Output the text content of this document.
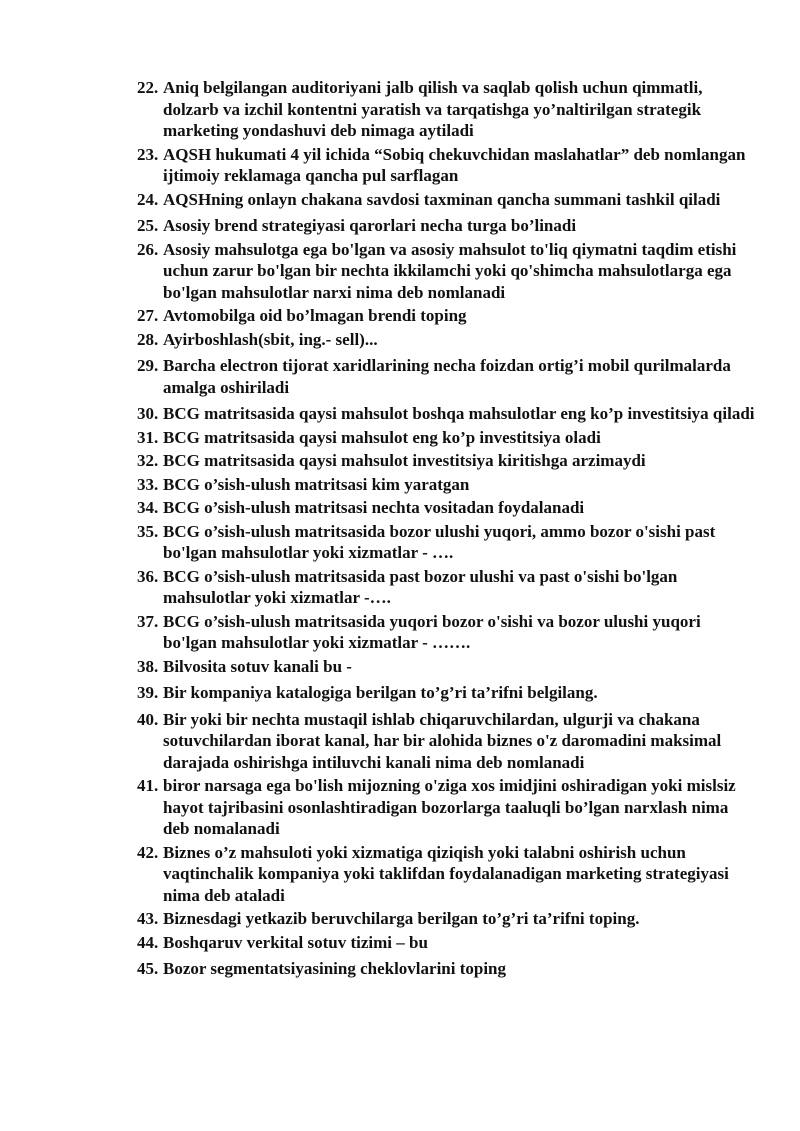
22. Aniq belgilangan auditoriyani jalb qilish va saqlab qolish uchun qimmatli, dolzarb va izchil kontentni yaratish va tarqatishga yo’naltirilgan strategik marketing yondashuvi deb nimaga aytiladi
23. AQSH hukumati 4 yil ichida “Sobiq chekuvchidan maslahatlar” deb nomlangan ijtimoiy reklamaga qancha pul sarflagan
24. AQSHning onlayn chakana savdosi taxminan qancha summani tashkil qiladi
25. Asosiy brend strategiyasi qarorlari necha turga bo’linadi
26. Asosiy mahsulotga ega bo'lgan va asosiy mahsulot to'liq qiymatni taqdim etishi uchun zarur bo'lgan bir nechta ikkilamchi yoki qo'shimcha mahsulotlarga ega bo'lgan mahsulotlar narxi nima deb nomlanadi
27. Avtomobilga oid bo’lmagan brendi toping
28. Ayirboshlash(sbit, ing.- sell)...
29. Barcha electron tijorat xaridlarining necha foizdan ortig’i mobil qurilmalarda amalga oshiriladi
30. BCG matritsasida qaysi mahsulot boshqa mahsulotlar eng ko’p investitsiya qiladi
31. BCG matritsasida qaysi mahsulot eng ko’p investitsiya oladi
32. BCG matritsasida qaysi mahsulot investitsiya kiritishga arzimaydi
33. BCG o’sish-ulush matritsasi kim yaratgan
34. BCG o’sish-ulush matritsasi nechta vositadan foydalanadi
35. BCG o’sish-ulush matritsasida bozor ulushi yuqori, ammo bozor o'sishi past bo'lgan mahsulotlar yoki xizmatlar - ….
36. BCG o’sish-ulush matritsasida past bozor ulushi va past o'sishi bo'lgan mahsulotlar yoki xizmatlar -….
37. BCG o’sish-ulush matritsasida yuqori bozor o'sishi va bozor ulushi yuqori bo'lgan mahsulotlar yoki xizmatlar - …….
38. Bilvosita sotuv kanali bu -
39. Bir kompaniya katalogiga berilgan to’g’ri ta’rifni belgilang.
40. Bir yoki bir nechta mustaqil ishlab chiqaruvchilardan, ulgurji va chakana sotuvchilardan iborat kanal, har bir alohida biznes o'z daromadini maksimal darajada oshirishga intiluvchi kanali nima deb nomlanadi
41. biror narsaga ega bo'lish mijozning o'ziga xos imidjini oshiradigan yoki mislsiz hayot tajribasini osonlashtiradigan bozorlarga taaluqli bo’lgan narxlash nima deb nomalanadi
42. Biznes o’z mahsuloti yoki xizmatiga qiziqish yoki talabni oshirish uchun vaqtinchalik kompaniya yoki taklifdan foydalanadigan marketing strategiyasi nima deb ataladi
43. Biznesdagi yetkazib beruvchilarga berilgan to’g’ri ta’rifni toping.
44. Boshqaruv verkital sotuv tizimi – bu
45. Bozor segmentatsiyasining cheklovlarini toping
